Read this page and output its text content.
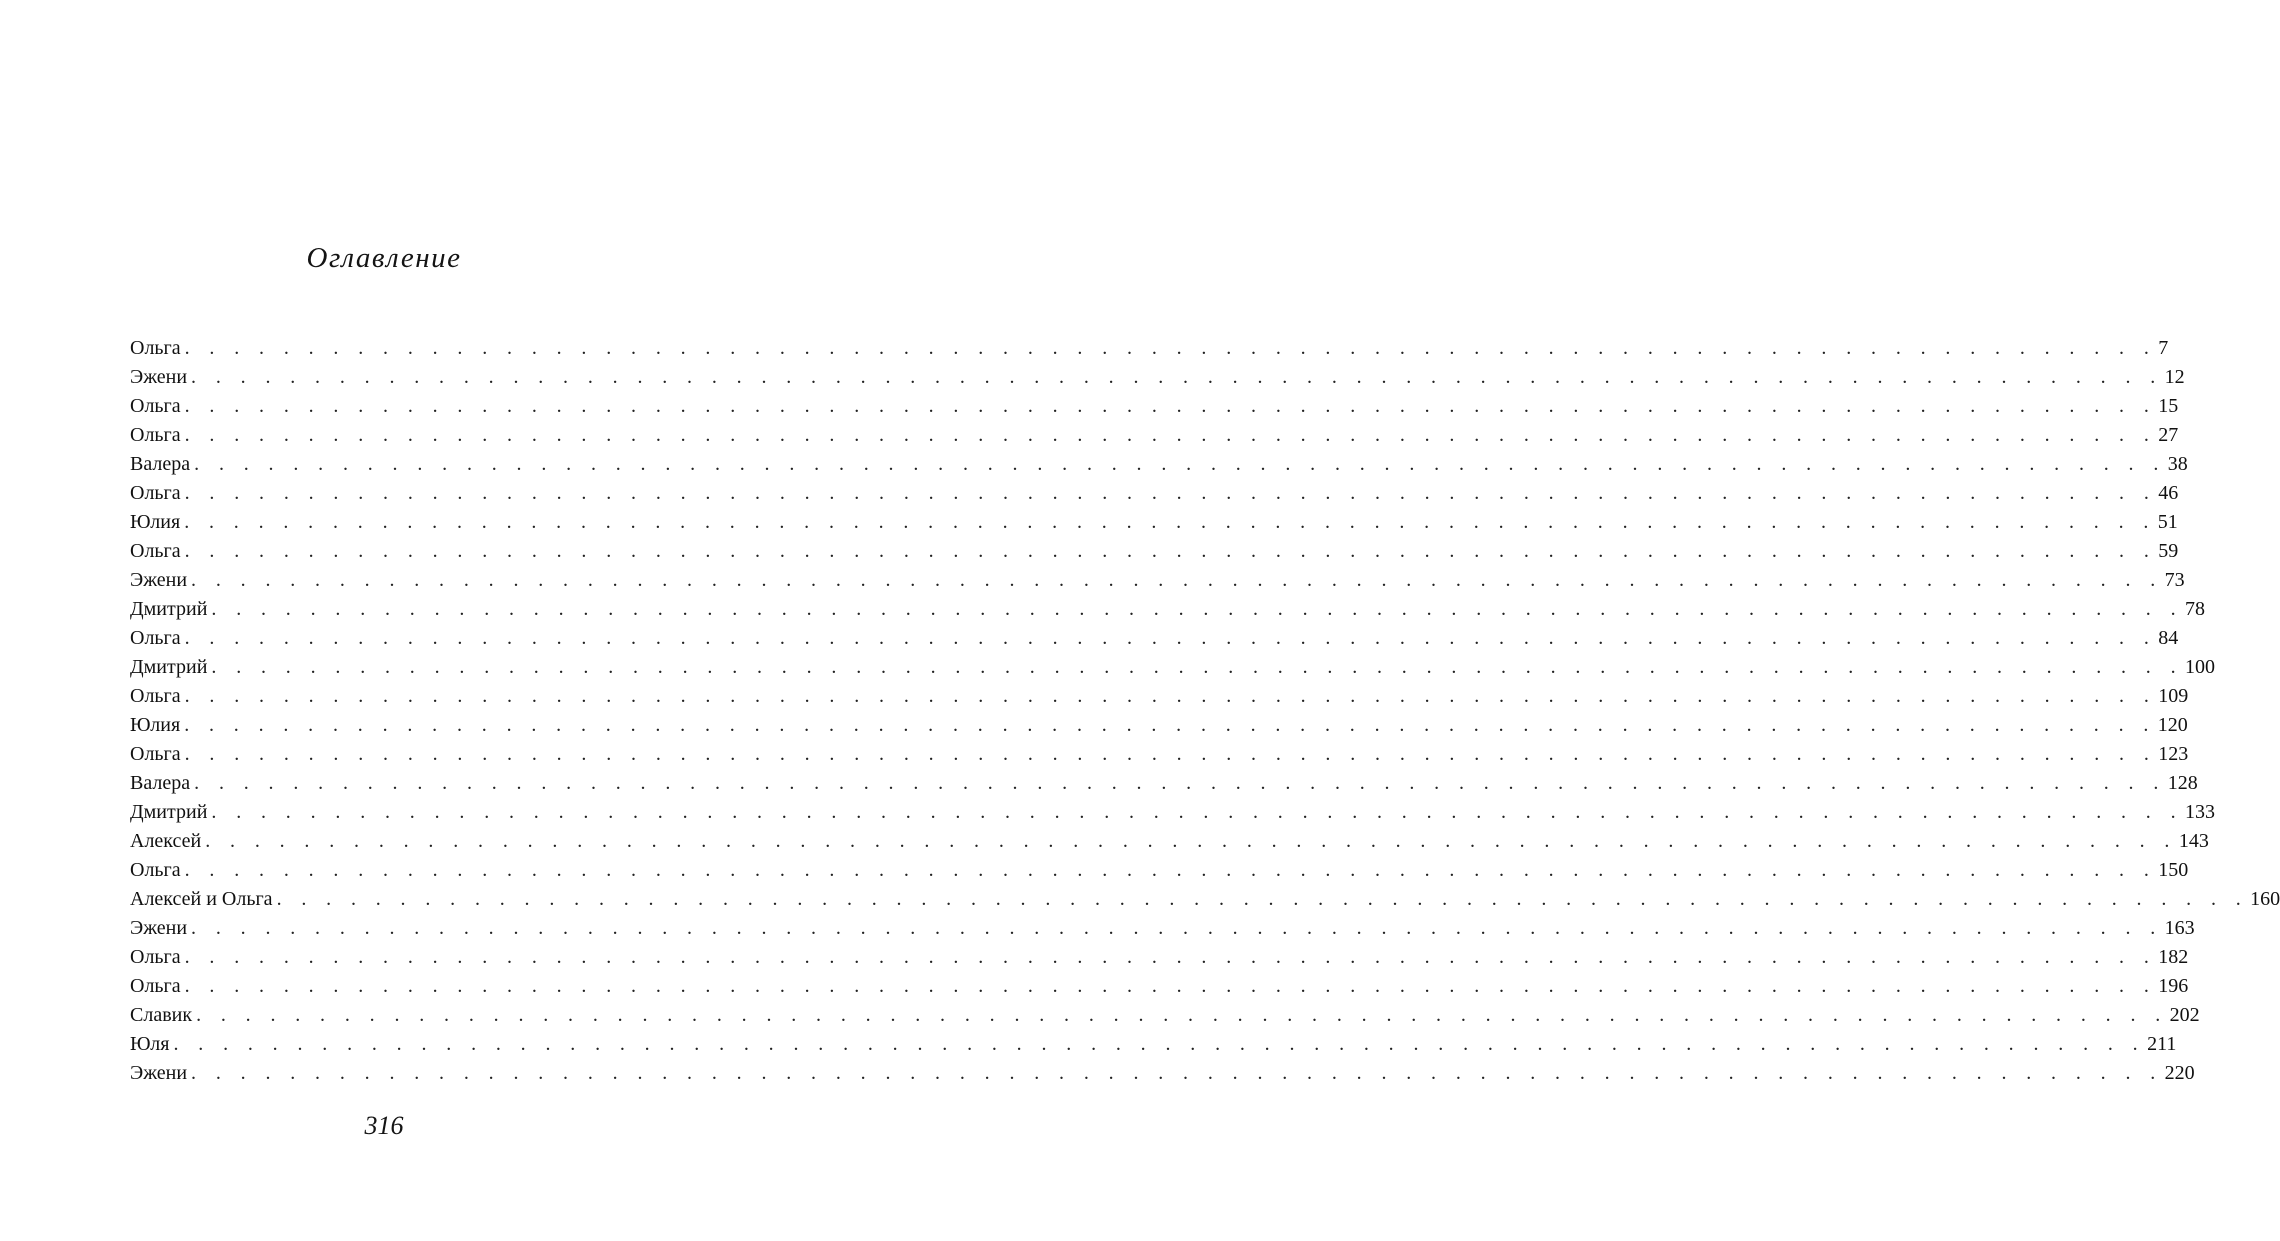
Оглавление
Ольга . . . . . . . . . . . . . . . . . . . . . . . . . . . . . . . . . . . . . . . . . . . . . . . . . . . . . . . . . . . . . . . . . . . . . . . . . . . . . . . . 7
Эжени . . . . . . . . . . . . . . . . . . . . . . . . . . . . . . . . . . . . . . . . . . . . . . . . . . . . . . . . . . . . . . . . . . . . . . . . . . . . . . . . 12
Ольга . . . . . . . . . . . . . . . . . . . . . . . . . . . . . . . . . . . . . . . . . . . . . . . . . . . . . . . . . . . . . . . . . . . . . . . . . . . . . . . . 15
Ольга . . . . . . . . . . . . . . . . . . . . . . . . . . . . . . . . . . . . . . . . . . . . . . . . . . . . . . . . . . . . . . . . . . . . . . . . . . . . . . . . 27
Валера . . . . . . . . . . . . . . . . . . . . . . . . . . . . . . . . . . . . . . . . . . . . . . . . . . . . . . . . . . . . . . . . . . . . . . . . . . . . . . . . 38
Ольга . . . . . . . . . . . . . . . . . . . . . . . . . . . . . . . . . . . . . . . . . . . . . . . . . . . . . . . . . . . . . . . . . . . . . . . . . . . . . . . . 46
Юлия . . . . . . . . . . . . . . . . . . . . . . . . . . . . . . . . . . . . . . . . . . . . . . . . . . . . . . . . . . . . . . . . . . . . . . . . . . . . . . . . 51
Ольга . . . . . . . . . . . . . . . . . . . . . . . . . . . . . . . . . . . . . . . . . . . . . . . . . . . . . . . . . . . . . . . . . . . . . . . . . . . . . . . . 59
Эжени . . . . . . . . . . . . . . . . . . . . . . . . . . . . . . . . . . . . . . . . . . . . . . . . . . . . . . . . . . . . . . . . . . . . . . . . . . . . . . . . 73
Дмитрий . . . . . . . . . . . . . . . . . . . . . . . . . . . . . . . . . . . . . . . . . . . . . . . . . . . . . . . . . . . . . . . . . . . . . . . . . . . . . . . . 78
Ольга . . . . . . . . . . . . . . . . . . . . . . . . . . . . . . . . . . . . . . . . . . . . . . . . . . . . . . . . . . . . . . . . . . . . . . . . . . . . . . . . 84
Дмитрий . . . . . . . . . . . . . . . . . . . . . . . . . . . . . . . . . . . . . . . . . . . . . . . . . . . . . . . . . . . . . . . . . . . . . . . . . . . . . . . . 100
Ольга . . . . . . . . . . . . . . . . . . . . . . . . . . . . . . . . . . . . . . . . . . . . . . . . . . . . . . . . . . . . . . . . . . . . . . . . . . . . . . . . 109
Юлия . . . . . . . . . . . . . . . . . . . . . . . . . . . . . . . . . . . . . . . . . . . . . . . . . . . . . . . . . . . . . . . . . . . . . . . . . . . . . . . . 120
Ольга . . . . . . . . . . . . . . . . . . . . . . . . . . . . . . . . . . . . . . . . . . . . . . . . . . . . . . . . . . . . . . . . . . . . . . . . . . . . . . . . 123
Валера . . . . . . . . . . . . . . . . . . . . . . . . . . . . . . . . . . . . . . . . . . . . . . . . . . . . . . . . . . . . . . . . . . . . . . . . . . . . . . . . 128
Дмитрий . . . . . . . . . . . . . . . . . . . . . . . . . . . . . . . . . . . . . . . . . . . . . . . . . . . . . . . . . . . . . . . . . . . . . . . . . . . . . . . . 133
Алексей . . . . . . . . . . . . . . . . . . . . . . . . . . . . . . . . . . . . . . . . . . . . . . . . . . . . . . . . . . . . . . . . . . . . . . . . . . . . . . . . 143
Ольга . . . . . . . . . . . . . . . . . . . . . . . . . . . . . . . . . . . . . . . . . . . . . . . . . . . . . . . . . . . . . . . . . . . . . . . . . . . . . . . . 150
Алексей и Ольга . . . . . . . . . . . . . . . . . . . . . . . . . . . . . . . . . . . . . . . . . . . . . . . . . . . . . . . . . . . . . . . . . . . . . . . . . . . . . . . . 160
Эжени . . . . . . . . . . . . . . . . . . . . . . . . . . . . . . . . . . . . . . . . . . . . . . . . . . . . . . . . . . . . . . . . . . . . . . . . . . . . . . . . 163
Ольга . . . . . . . . . . . . . . . . . . . . . . . . . . . . . . . . . . . . . . . . . . . . . . . . . . . . . . . . . . . . . . . . . . . . . . . . . . . . . . . . 182
Ольга . . . . . . . . . . . . . . . . . . . . . . . . . . . . . . . . . . . . . . . . . . . . . . . . . . . . . . . . . . . . . . . . . . . . . . . . . . . . . . . . 196
Славик . . . . . . . . . . . . . . . . . . . . . . . . . . . . . . . . . . . . . . . . . . . . . . . . . . . . . . . . . . . . . . . . . . . . . . . . . . . . . . . . 202
Юля . . . . . . . . . . . . . . . . . . . . . . . . . . . . . . . . . . . . . . . . . . . . . . . . . . . . . . . . . . . . . . . . . . . . . . . . . . . . . . . . 211
Эжени . . . . . . . . . . . . . . . . . . . . . . . . . . . . . . . . . . . . . . . . . . . . . . . . . . . . . . . . . . . . . . . . . . . . . . . . . . . . . . . . 220
316
